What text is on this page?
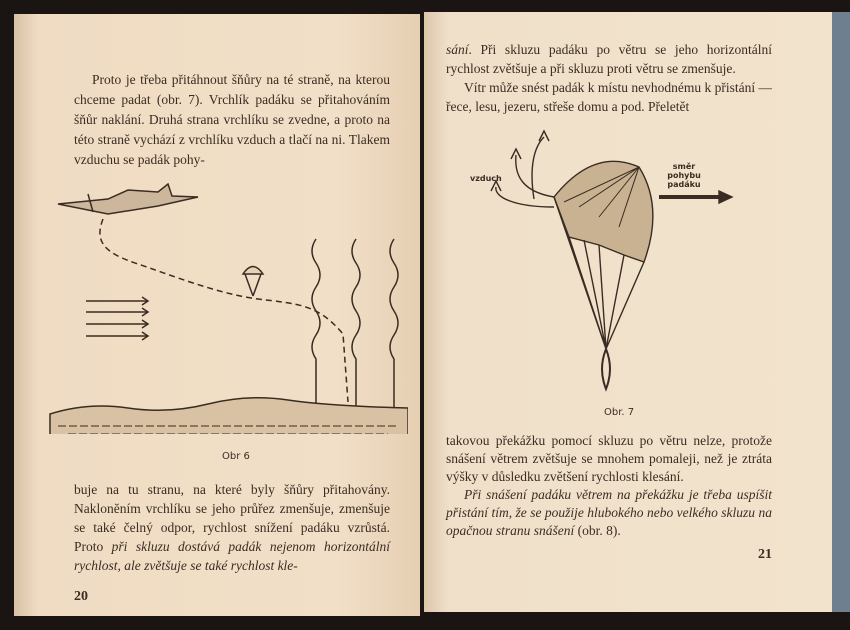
Proto je třeba přitáhnout šňůry na té straně, na kterou chceme padat (obr. 7). Vrchlík padáku se přitahováním šňůr naklání. Druhá strana vrchlíku se zvedne, a proto na této straně vychází z vrchlíku vzduch a tlačí na ni. Tlakem vzduchu se padák pohy-

Obr 6

buje na tu stranu, na které byly šňůry přitahovány. Naklonĕním vrchlíku se jeho průřez zmenšuje, zmenšuje se také čelný odpor, rychlost snížení padáku vzrůstá. Proto při skluzu dostává padák nejenom horizontální rychlost, ale zvětšuje se také rychlost kle-

20

sání. Při skluzu padáku po větru se jeho horizontální rychlost zvětšuje a při skluzu proti větru se zmenšuje.

Vítr může snést padák k místu nevhodnému k přistání — řece, lesu, jezeru, střeše domu a pod. Přeletět

vzduch
směr pohybu padáku
Obr. 7

takovou překážku pomocí skluzu po větru nelze, protože snášení větrem zvětšuje se mnohem pomaleji, než je ztráta výšky v důsledku zvětšení rychlosti klesání.

Při snášení padáku větrem na překážku je třeba uspíšit přistání tím, že se použije hlubokého nebo velkého skluzu na opačnou stranu snášení (obr. 8).

21
